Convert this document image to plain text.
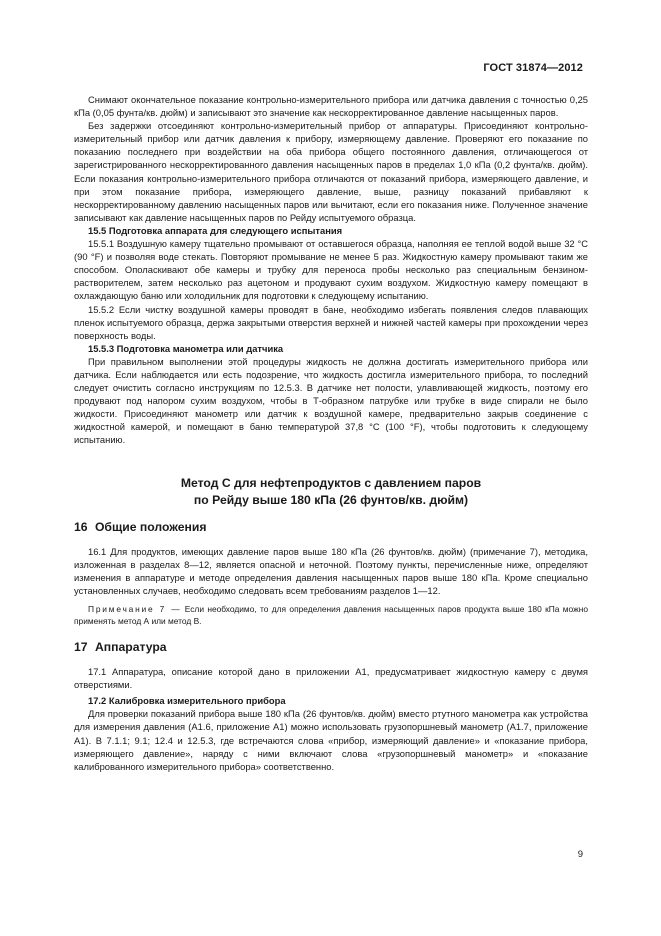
ГОСТ 31874—2012

Снимают окончательное показание контрольно-измерительного прибора или датчика давления с точностью 0,25 кПа (0,05 фунта/кв. дюйм) и записывают это значение как нескорректированное давление насыщенных паров.

Без задержки отсоединяют контрольно-измерительный прибор от аппаратуры. Присоединяют контрольно-измерительный прибор или датчик давления к прибору, измеряющему давление. Проверяют его показание по показанию последнего при воздействии на оба прибора общего постоянного давления, отличающегося от зарегистрированного нескорректированного давления насыщенных паров в пределах 1,0 кПа (0,2 фунта/кв. дюйм). Если показания контрольно-измерительного прибора отличаются от показаний прибора, измеряющего давление, и при этом показание прибора, измеряющего давление, выше, разницу показаний прибавляют к нескорректированному давлению насыщенных паров или вычитают, если его показания ниже. Полученное значение записывают как давление насыщенных паров по Рейду испытуемого образца.

15.5 Подготовка аппарата для следующего испытания

15.5.1 Воздушную камеру тщательно промывают от оставшегося образца, наполняя ее теплой водой выше 32 °С (90 °F) и позволяя воде стекать. Повторяют промывание не менее 5 раз. Жидкостную камеру промывают таким же способом. Ополаскивают обе камеры и трубку для переноса пробы несколько раз специальным бензином-растворителем, затем несколько раз ацетоном и продувают сухим воздухом. Жидкостную камеру помещают в охлаждающую баню или холодильник для подготовки к следующему испытанию.

15.5.2 Если чистку воздушной камеры проводят в бане, необходимо избегать появления следов плавающих пленок испытуемого образца, держа закрытыми отверстия верхней и нижней частей камеры при прохождении через поверхность воды.

15.5.3 Подготовка манометра или датчика

При правильном выполнении этой процедуры жидкость не должна достигать измерительного прибора или датчика. Если наблюдается или есть подозрение, что жидкость достигла измерительного прибора, то последний следует очистить согласно инструкциям по 12.5.3. В датчике нет полости, улавливающей жидкость, поэтому его продувают под напором сухим воздухом, чтобы в Т-образном патрубке или трубке в виде спирали не было жидкости. Присоединяют манометр или датчик к воздушной камере, предварительно закрыв соединение с жидкостной камерой, и помещают в баню температурой 37,8 °С (100 °F), чтобы подготовить к следующему испытанию.

Метод С для нефтепродуктов с давлением паров
по Рейду выше 180 кПа (26 фунтов/кв. дюйм)
16 Общие положения

16.1 Для продуктов, имеющих давление паров выше 180 кПа (26 фунтов/кв. дюйм) (примечание 7), методика, изложенная в разделах 8—12, является опасной и неточной. Поэтому пункты, перечисленные ниже, определяют изменения в аппаратуре и методе определения давления насыщенных паров выше 180 кПа. Кроме специально установленных случаев, необходимо следовать всем требованиям разделов 1—12.

Примечание 7 — Если необходимо, то для определения давления насыщенных паров продукта выше 180 кПа можно применять метод А или метод В.

17 Аппаратура

17.1 Аппаратура, описание которой дано в приложении А1, предусматривает жидкостную камеру с двумя отверстиями.

17.2 Калибровка измерительного прибора

Для проверки показаний прибора выше 180 кПа (26 фунтов/кв. дюйм) вместо ртутного манометра как устройства для измерения давления (А1.6, приложение А1) можно использовать грузопоршневый манометр (А1.7, приложение А1). В 7.1.1; 9.1; 12.4 и 12.5.3, где встречаются слова «прибор, измеряющий давление» и «показание прибора, измеряющего давление», наряду с ними включают слова «грузопоршневый манометр» и «показание калиброванного измерительного прибора» соответственно.

9
